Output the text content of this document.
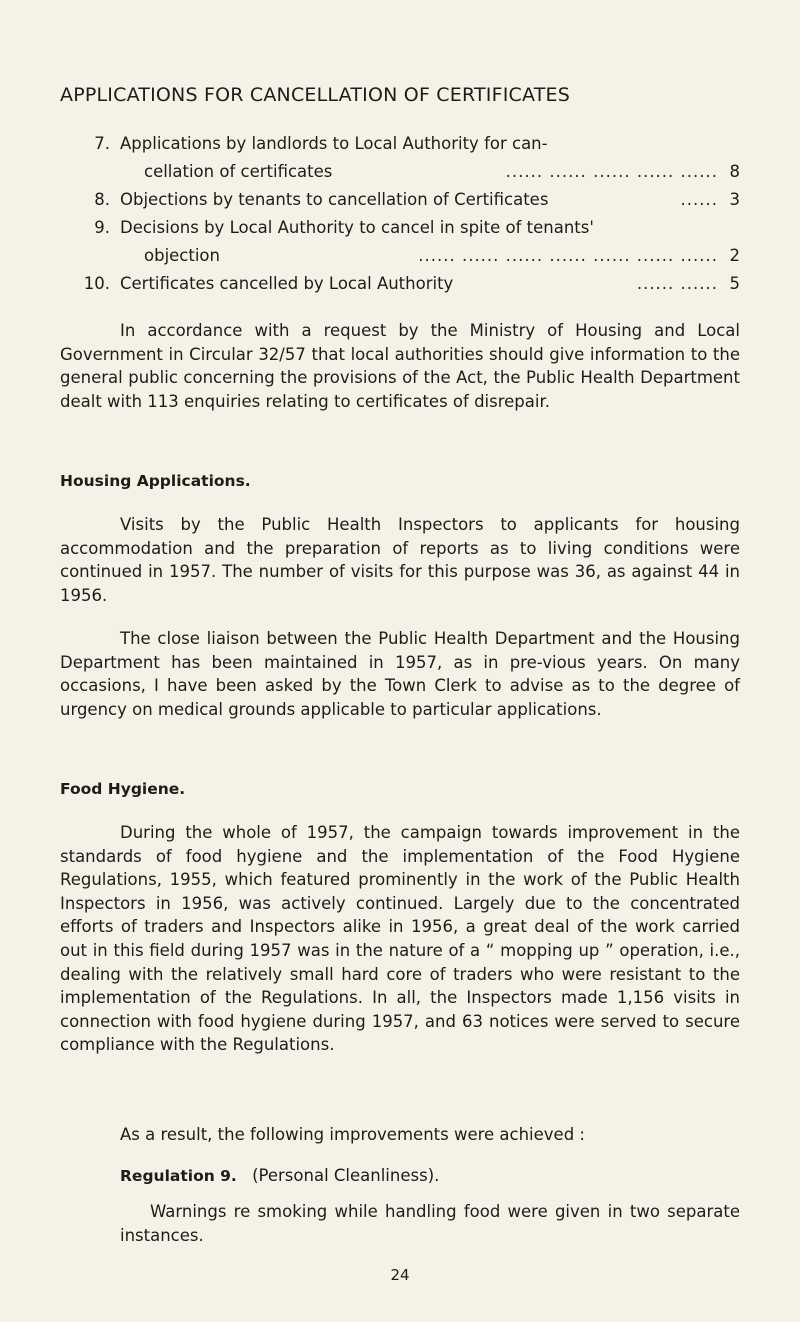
APPLICATIONS FOR CANCELLATION OF CERTIFICATES
7. Applications by landlords to Local Authority for can-
cellation of certificates	...... ...... ...... ...... ...... 8
8. Objections by tenants to cancellation of Certificates	...... 3
9. Decisions by Local Authority to cancel in spite of tenants'
objection	...... ...... ...... ...... ...... ...... ...... 2
10. Certificates cancelled by Local Authority	...... ...... 5

In accordance with a request by the Ministry of Housing and Local Government in Circular 32/57 that local authorities should give information to the general public concerning the provisions of the Act, the Public Health Department dealt with 113 enquiries relating to certificates of disrepair.

Housing Applications.

Visits by the Public Health Inspectors to applicants for housing accommodation and the preparation of reports as to living conditions were continued in 1957. The number of visits for this purpose was 36, as against 44 in 1956.

The close liaison between the Public Health Department and the Housing Department has been maintained in 1957, as in pre-vious years. On many occasions, I have been asked by the Town Clerk to advise as to the degree of urgency on medical grounds applicable to particular applications.

Food Hygiene.

During the whole of 1957, the campaign towards improvement in the standards of food hygiene and the implementation of the Food Hygiene Regulations, 1955, which featured prominently in the work of the Public Health Inspectors in 1956, was actively continued. Largely due to the concentrated efforts of traders and Inspectors alike in 1956, a great deal of the work carried out in this field during 1957 was in the nature of a “ mopping up ” operation, i.e., dealing with the relatively small hard core of traders who were resistant to the implementation of the Regulations. In all, the Inspectors made 1,156 visits in connection with food hygiene during 1957, and 63 notices were served to secure compliance with the Regulations.

As a result, the following improvements were achieved :
Regulation 9. (Personal Cleanliness).

Warnings re smoking while handling food were given in two separate instances.

24
